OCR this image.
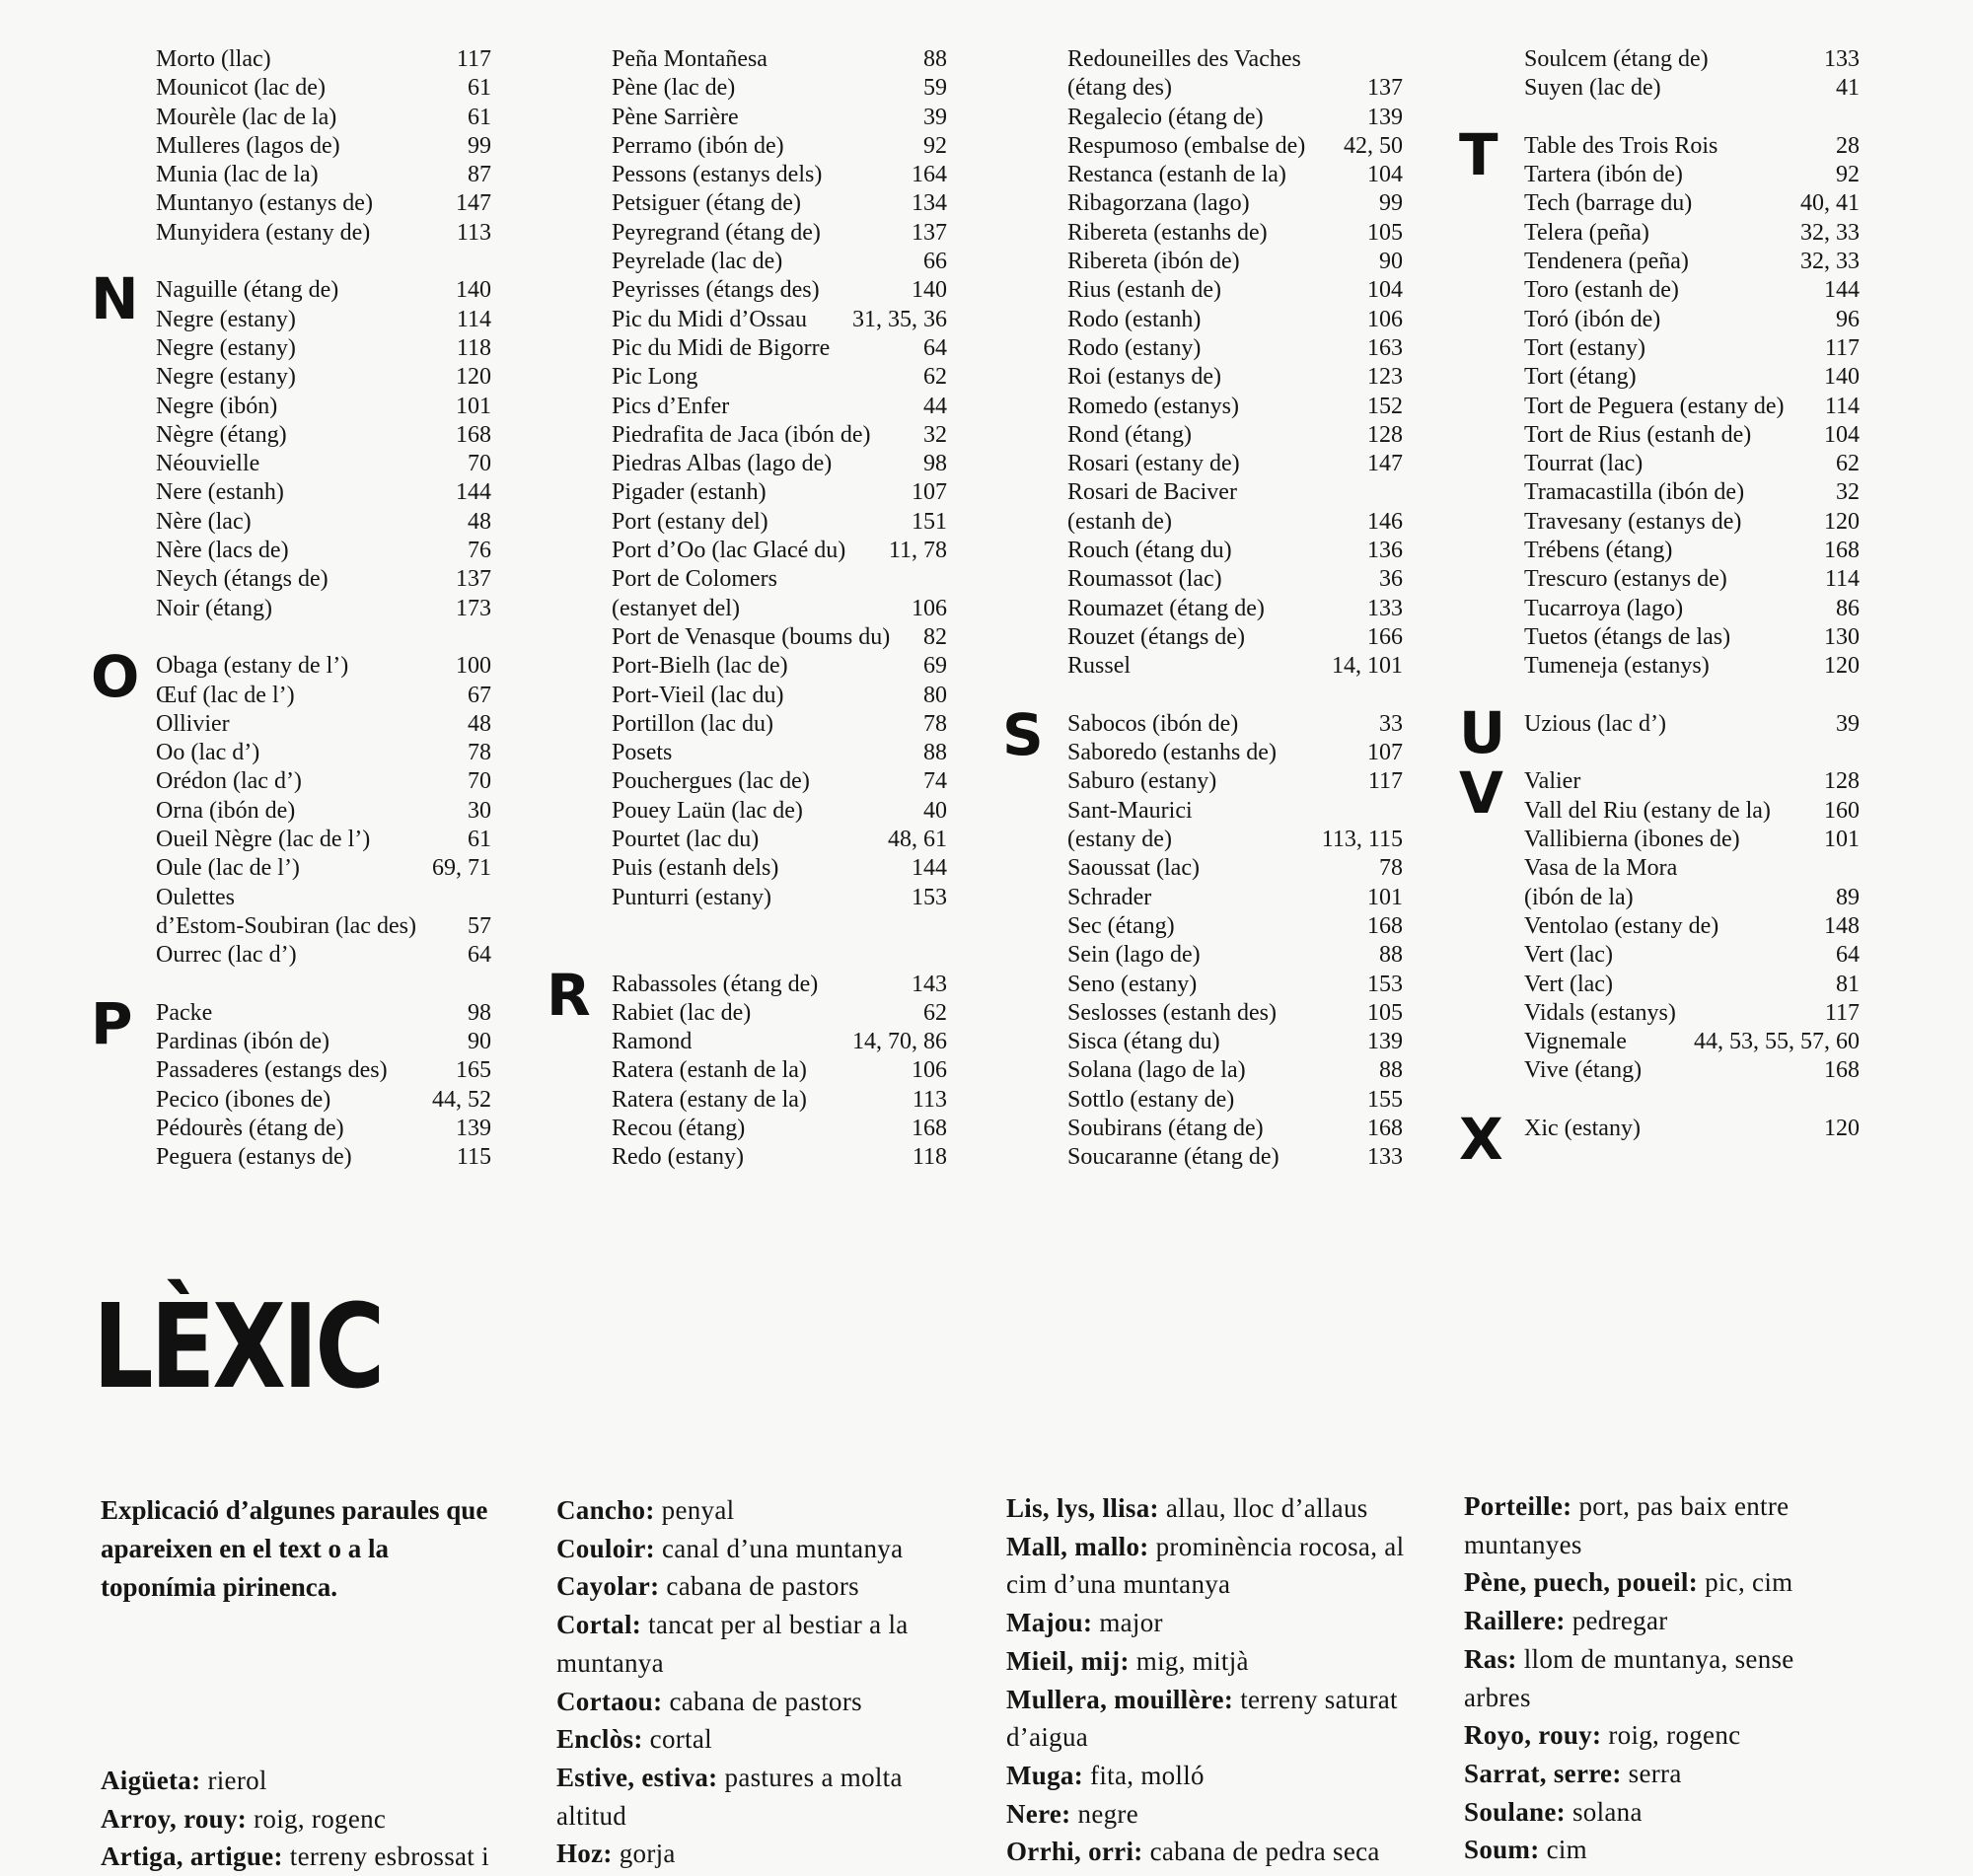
Morto (llac)	117
Mounicot (lac de)	61
Mourèle (lac de la)	61
Mulleres (lagos de)	99
Munia (lac de la)	87
Muntanyo (estanys de)	147
Munyidera (estany de)	113
Naguille (étang de)	140
Negre (estany)	114
Negre (estany)	118
Negre (estany)	120
Negre (ibón)	101
Nègre (étang)	168
Néouvielle	70
Nere (estanh)	144
Nère (lac)	48
Nère (lacs de)	76
Neych (étangs de)	137
Noir (étang)	173
Obaga (estany de l’)	100
Œuf (lac de l’)	67
Ollivier	48
Oo (lac d’)	78
Orédon (lac d’)	70
Orna (ibón de)	30
Oueil Nègre (lac de l’)	61
Oule (lac de l’)	69, 71
Oulettes
d’Estom-Soubiran (lac des)	57
Ourrec (lac d’)	64
Packe	98
Pardinas (ibón de)	90
Passaderes (estangs des)	165
Pecico (ibones de)	44, 52
Pédourès (étang de)	139
Peguera (estanys de)	115
Peña Montañesa	88
Pène (lac de)	59
Pène Sarrière	39
Perramo (ibón de)	92
Pessons (estanys dels)	164
Petsiguer (étang de)	134
Peyregrand (étang de)	137
Peyrelade (lac de)	66
Peyrisses (étangs des)	140
Pic du Midi d’Ossau	31, 35, 36
Pic du Midi de Bigorre	64
Pic Long	62
Pics d’Enfer	44
Piedrafita de Jaca (ibón de)	32
Piedras Albas (lago de)	98
Pigader (estanh)	107
Port (estany del)	151
Port d’Oo (lac Glacé du)	11, 78
Port de Colomers
(estanyet del)	106
Port de Venasque (boums du)	82
Port-Bielh (lac de)	69
Port-Vieil (lac du)	80
Portillon (lac du)	78
Posets	88
Pouchergues (lac de)	74
Pouey Laün (lac de)	40
Pourtet (lac du)	48, 61
Puis (estanh dels)	144
Punturri (estany)	153
Rabassoles (étang de)	143
Rabiet (lac de)	62
Ramond	14, 70, 86
Ratera (estanh de la)	106
Ratera (estany de la)	113
Recou (étang)	168
Redo (estany)	118
Redouneilles des Vaches
(étang des)	137
Regalecio (étang de)	139
Respumoso (embalse de)	42, 50
Restanca (estanh de la)	104
Ribagorzana (lago)	99
Ribereta (estanhs de)	105
Ribereta (ibón de)	90
Rius (estanh de)	104
Rodo (estanh)	106
Rodo (estany)	163
Roi (estanys de)	123
Romedo (estanys)	152
Rond (étang)	128
Rosari (estany de)	147
Rosari de Baciver
(estanh de)	146
Rouch (étang du)	136
Roumassot (lac)	36
Roumazet (étang de)	133
Rouzet (étangs de)	166
Russel	14, 101
Sabocos (ibón de)	33
Saboredo (estanhs de)	107
Saburo (estany)	117
Sant-Maurici
(estany de)	113, 115
Saoussat (lac)	78
Schrader	101
Sec (étang)	168
Sein (lago de)	88
Seno (estany)	153
Seslosses (estanh des)	105
Sisca (étang du)	139
Solana (lago de la)	88
Sottlo (estany de)	155
Soubirans (étang de)	168
Soucaranne (étang de)	133
Soulcem (étang de)	133
Suyen (lac de)	41
Table des Trois Rois	28
Tartera (ibón de)	92
Tech (barrage du)	40, 41
Telera (peña)	32, 33
Tendenera (peña)	32, 33
Toro (estanh de)	144
Toró (ibón de)	96
Tort (estany)	117
Tort (étang)	140
Tort de Peguera (estany de)	114
Tort de Rius (estanh de)	104
Tourrat (lac)	62
Tramacastilla (ibón de)	32
Travesany (estanys de)	120
Trébens (étang)	168
Trescuro (estanys de)	114
Tucarroya (lago)	86
Tuetos (étangs de las)	130
Tumeneja (estanys)	120
Uzious (lac d’)	39
Valier	128
Vall del Riu (estany de la)	160
Vallibierna (ibones de)	101
Vasa de la Mora
(ibón de la)	89
Ventolao (estany de)	148
Vert (lac)	64
Vert (lac)	81
Vidals (estanys)	117
Vignemale	44, 53, 55, 57, 60
Vive (étang)	168
Xic (estany)	120
LÈXIC
Explicació d’algunes paraules que apareixen en el text o a la toponímia pirinenca.

Aigüeta: rierol

Arroy, rouy: roig, rogenc

Artiga, artigue: terreny esbrossat i

Cancho: penyal

Couloir: canal d’una muntanya

Cayolar: cabana de pastors

Cortal: tancat per al bestiar a la muntanya

Cortaou: cabana de pastors

Enclòs: cortal

Estive, estiva: pastures a molta altitud

Hoz: gorja

Lis, lys, llisa: allau, lloc d’allaus

Mall, mallo: prominència rocosa, al cim d’una muntanya

Majou: major

Mieil, mij: mig, mitjà

Mullera, mouillère: terreny saturat d’aigua

Muga: fita, molló

Nere: negre

Orrhi, orri: cabana de pedra seca

Porteille: port, pas baix entre muntanyes

Pène, puech, poueil: pic, cim

Raillere: pedregar

Ras: llom de muntanya, sense arbres

Royo, rouy: roig, rogenc

Sarrat, serre: serra

Soulane: solana

Soum: cim

N
O
P	R
S
T
U
V
X
